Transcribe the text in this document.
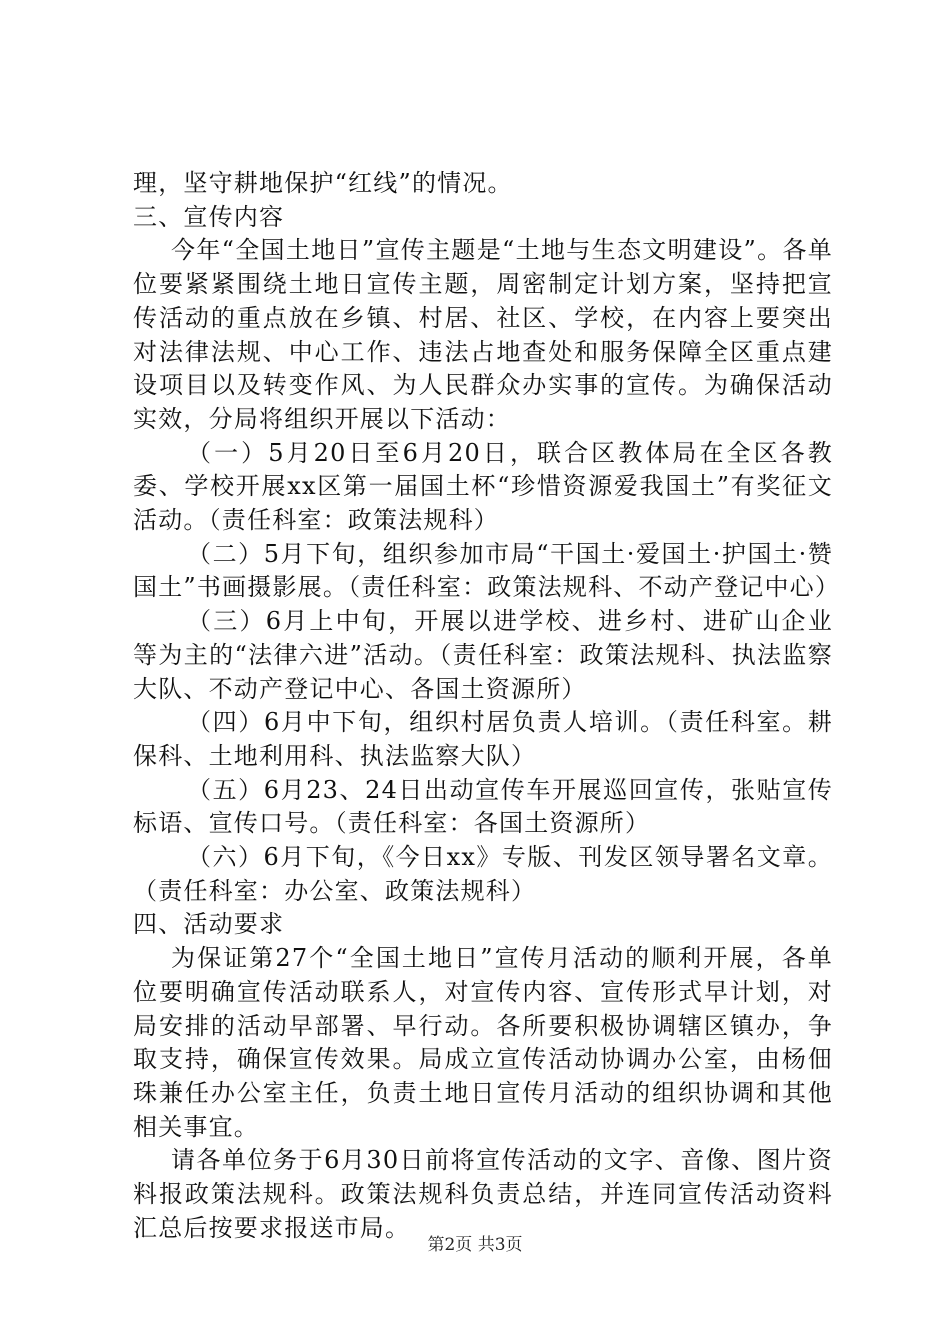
理，坚守耕地保护“红线”的情况。

三、宣传内容

今年“全国土地日”宣传主题是“土地与生态文明建设”。各单位要紧紧围绕土地日宣传主题，周密制定计划方案，坚持把宣传活动的重点放在乡镇、村居、社区、学校，在内容上要突出对法律法规、中心工作、违法占地查处和服务保障全区重点建设项目以及转变作风、为人民群众办实事的宣传。为确保活动实效，分局将组织开展以下活动：

（一）5月20日至6月20日，联合区教体局在全区各教委、学校开展xx区第一届国土杯“珍惜资源爱我国土”有奖征文活动。（责任科室：政策法规科）

（二）5月下旬，组织参加市局“干国土·爱国土·护国土·赞国土”书画摄影展。（责任科室：政策法规科、不动产登记中心）

（三）6月上中旬，开展以进学校、进乡村、进矿山企业等为主的“法律六进”活动。（责任科室：政策法规科、执法监察大队、不动产登记中心、各国土资源所）

（四）6月中下旬，组织村居负责人培训。（责任科室。耕保科、土地利用科、执法监察大队）

（五）6月23、24日出动宣传车开展巡回宣传，张贴宣传标语、宣传口号。（责任科室：各国土资源所）

（六）6月下旬，《今日xx》专版、刊发区领导署名文章。（责任科室：办公室、政策法规科）

四、活动要求

为保证第27个“全国土地日”宣传月活动的顺利开展，各单位要明确宣传活动联系人，对宣传内容、宣传形式早计划，对局安排的活动早部署、早行动。各所要积极协调辖区镇办，争取支持，确保宣传效果。局成立宣传活动协调办公室，由杨佃珠兼任办公室主任，负责土地日宣传月活动的组织协调和其他相关事宜。

请各单位务于6月30日前将宣传活动的文字、音像、图片资料报政策法规科。政策法规科负责总结，并连同宣传活动资料汇总后按要求报送市局。

第2页 共3页
